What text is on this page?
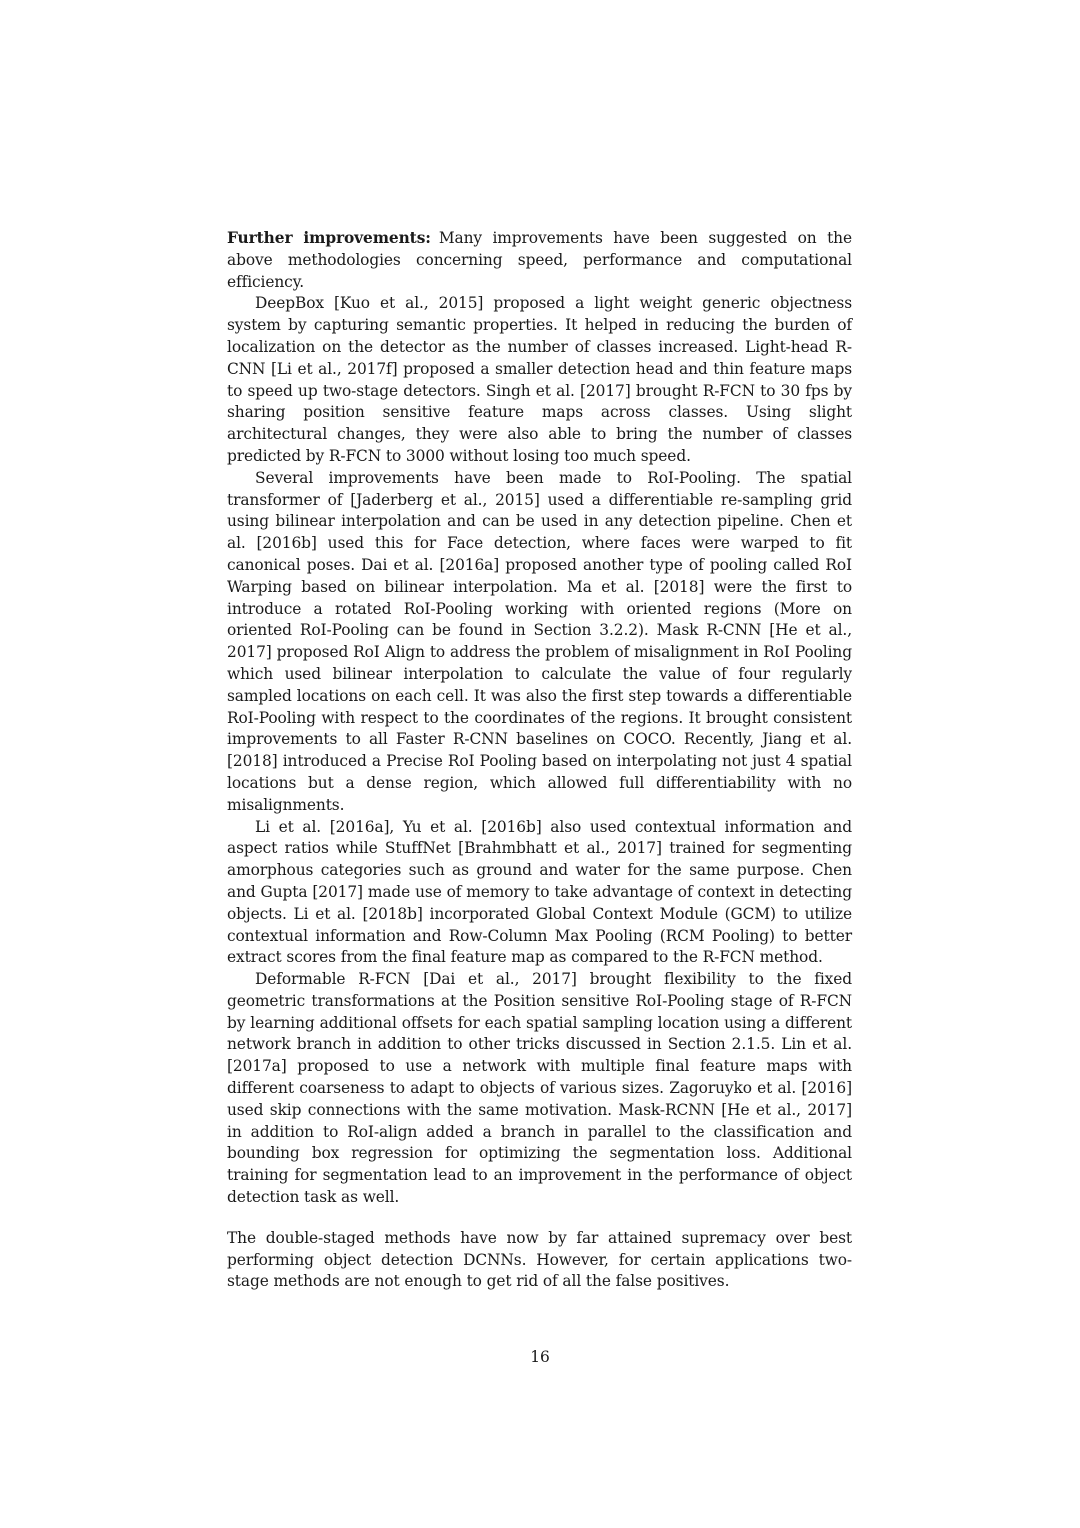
Further improvements: Many improvements have been suggested on the above methodologies concerning speed, performance and computational efficiency.

DeepBox [Kuo et al., 2015] proposed a light weight generic objectness system by capturing semantic properties. It helped in reducing the burden of localization on the detector as the number of classes increased. Light-head R-CNN [Li et al., 2017f] proposed a smaller detection head and thin feature maps to speed up two-stage detectors. Singh et al. [2017] brought R-FCN to 30 fps by sharing position sensitive feature maps across classes. Using slight architectural changes, they were also able to bring the number of classes predicted by R-FCN to 3000 without losing too much speed.

Several improvements have been made to RoI-Pooling. The spatial transformer of [Jaderberg et al., 2015] used a differentiable re-sampling grid using bilinear interpolation and can be used in any detection pipeline. Chen et al. [2016b] used this for Face detection, where faces were warped to fit canonical poses. Dai et al. [2016a] proposed another type of pooling called RoI Warping based on bilinear interpolation. Ma et al. [2018] were the first to introduce a rotated RoI-Pooling working with oriented regions (More on oriented RoI-Pooling can be found in Section 3.2.2). Mask R-CNN [He et al., 2017] proposed RoI Align to address the problem of misalignment in RoI Pooling which used bilinear interpolation to calculate the value of four regularly sampled locations on each cell. It was also the first step towards a differentiable RoI-Pooling with respect to the coordinates of the regions. It brought consistent improvements to all Faster R-CNN baselines on COCO. Recently, Jiang et al. [2018] introduced a Precise RoI Pooling based on interpolating not just 4 spatial locations but a dense region, which allowed full differentiability with no misalignments.

Li et al. [2016a], Yu et al. [2016b] also used contextual information and aspect ratios while StuffNet [Brahmbhatt et al., 2017] trained for segmenting amorphous categories such as ground and water for the same purpose. Chen and Gupta [2017] made use of memory to take advantage of context in detecting objects. Li et al. [2018b] incorporated Global Context Module (GCM) to utilize contextual information and Row-Column Max Pooling (RCM Pooling) to better extract scores from the final feature map as compared to the R-FCN method.

Deformable R-FCN [Dai et al., 2017] brought flexibility to the fixed geometric transformations at the Position sensitive RoI-Pooling stage of R-FCN by learning additional offsets for each spatial sampling location using a different network branch in addition to other tricks discussed in Section 2.1.5. Lin et al. [2017a] proposed to use a network with multiple final feature maps with different coarseness to adapt to objects of various sizes. Zagoruyko et al. [2016] used skip connections with the same motivation. Mask-RCNN [He et al., 2017] in addition to RoI-align added a branch in parallel to the classification and bounding box regression for optimizing the segmentation loss. Additional training for segmentation lead to an improvement in the performance of object detection task as well.

The double-staged methods have now by far attained supremacy over best performing object detection DCNNs. However, for certain applications two-stage methods are not enough to get rid of all the false positives.

16
